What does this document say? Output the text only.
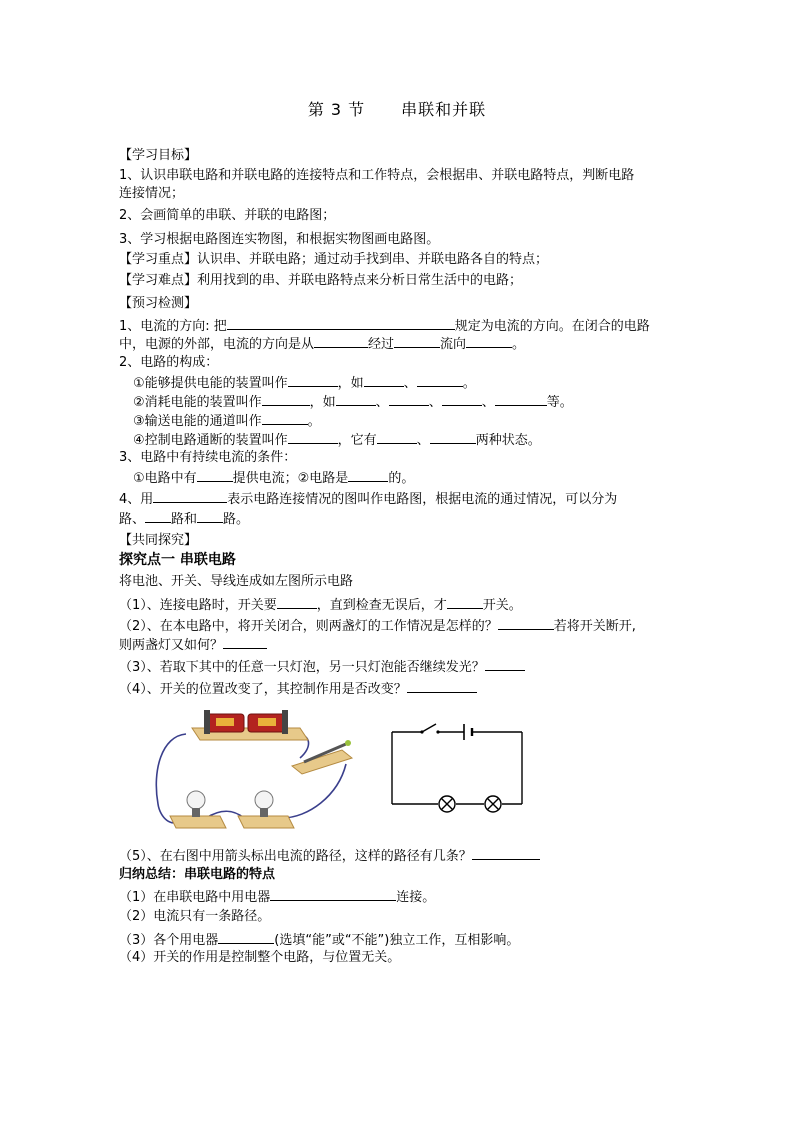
第 3 节 串联和并联
【学习目标】
1、认识串联电路和并联电路的连接特点和工作特点，会根据串、并联电路特点，判断电路
连接情况；
2、会画简单的串联、并联的电路图；
3、学习根据电路图连实物图，和根据实物图画电路图。
【学习重点】认识串、并联电路；通过动手找到串、并联电路各自的特点；
【学习难点】利用找到的串、并联电路特点来分析日常生活中的电路；
【预习检测】
1、电流的方向: 把	规定为电流的方向。在闭合的电路
中，电源的外部，电流的方向是从	经过	流向	。
2、电路的构成：
①能够提供电能的装置叫作	，如	、	。
②消耗电能的装置叫作	，如	、	、	、	等。
③输送电能的通道叫作	。
④控制电路通断的装置叫作	，它有	、	两种状态。
3、电路中有持续电流的条件：
①电路中有	提供电流；②电路是	的。
4、用	表示电路连接情况的图叫作电路图，根据电流的通过情况，可以分为
路、 路和 路。
【共同探究】
探究点一 串联电路
将电池、开关、导线连成如左图所示电路
（1）、连接电路时，开关要	，直到检查无误后，才	开关。
（2）、在本电路中，将开关闭合，则两盏灯的工作情况是怎样的？	若将开关断开,
则两盏灯又如何？
（3）、若取下其中的任意一只灯泡，另一只灯泡能否继续发光？
（4）、开关的位置改变了，其控制作用是否改变？
（5）、在右图中用箭头标出电流的路径，这样的路径有几条？
归纳总结：串联电路的特点
（1）在串联电路中用电器	连接。
（2）电流只有一条路径。
（3）各个用电器	(选填“能”或“不能”)独立工作，互相影响。
（4）开关的作用是控制整个电路，与位置无关。
